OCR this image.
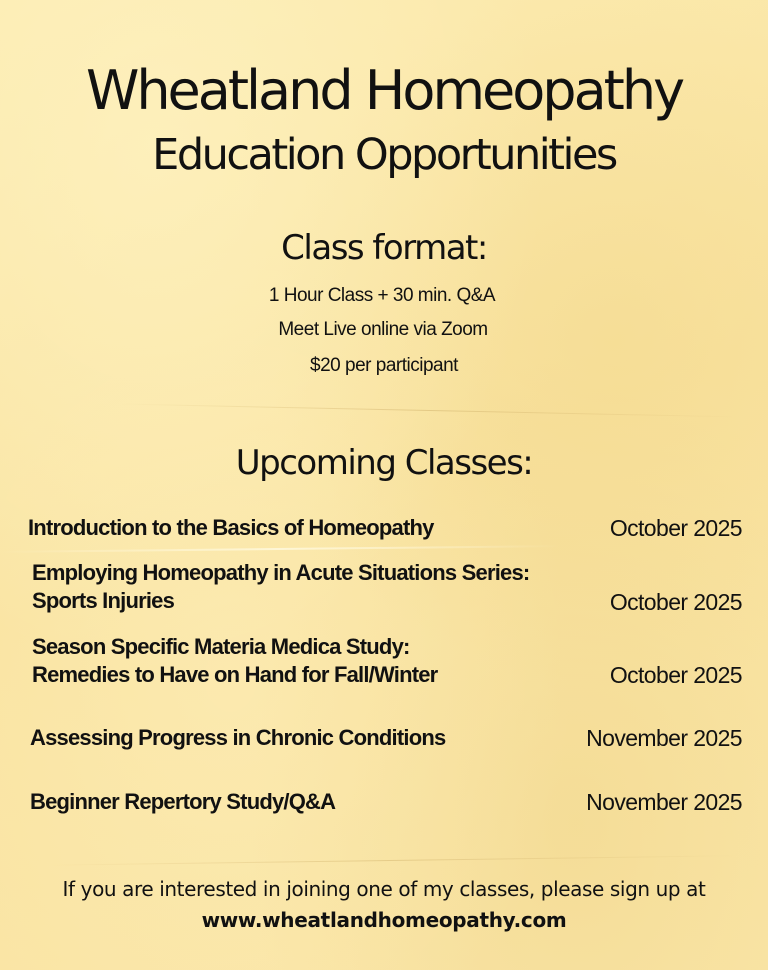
Wheatland Homeopathy
Education Opportunities
Class format:
1 Hour Class + 30 min. Q&A
Meet Live online via Zoom
$20 per participant
Upcoming Classes:
Introduction to the Basics of Homeopathy	October 2025
Employing Homeopathy in Acute Situations Series:
Sports Injuries	October 2025
Season Specific Materia Medica Study:
Remedies to Have on Hand for Fall/Winter	October 2025
Assessing Progress in Chronic Conditions	November 2025
Beginner Repertory Study/Q&A	November 2025
If you are interested in joining one of my classes, please sign up at
www.wheatlandhomeopathy.com
